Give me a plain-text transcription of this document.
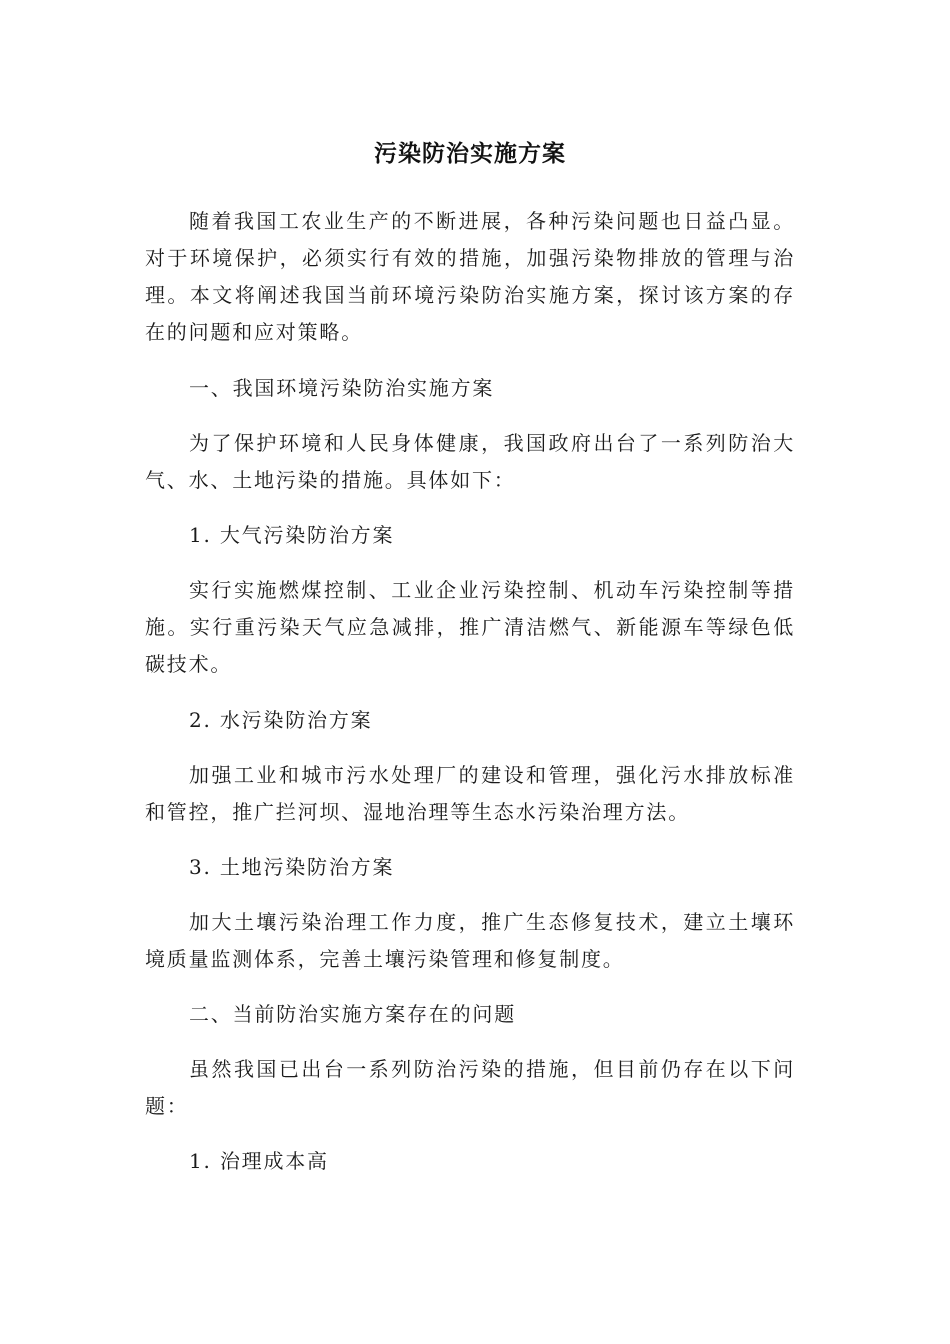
污染防治实施方案

随着我国工农业生产的不断进展，各种污染问题也日益凸显。对于环境保护，必须实行有效的措施，加强污染物排放的管理与治理。本文将阐述我国当前环境污染防治实施方案，探讨该方案的存在的问题和应对策略。

一、我国环境污染防治实施方案

为了保护环境和人民身体健康，我国政府出台了一系列防治大气、水、土地污染的措施。具体如下：

1. 大气污染防治方案

实行实施燃煤控制、工业企业污染控制、机动车污染控制等措施。实行重污染天气应急减排，推广清洁燃气、新能源车等绿色低碳技术。

2. 水污染防治方案

加强工业和城市污水处理厂的建设和管理，强化污水排放标准和管控，推广拦河坝、湿地治理等生态水污染治理方法。

3. 土地污染防治方案

加大土壤污染治理工作力度，推广生态修复技术，建立土壤环境质量监测体系，完善土壤污染管理和修复制度。

二、当前防治实施方案存在的问题

虽然我国已出台一系列防治污染的措施，但目前仍存在以下问题：

1. 治理成本高
